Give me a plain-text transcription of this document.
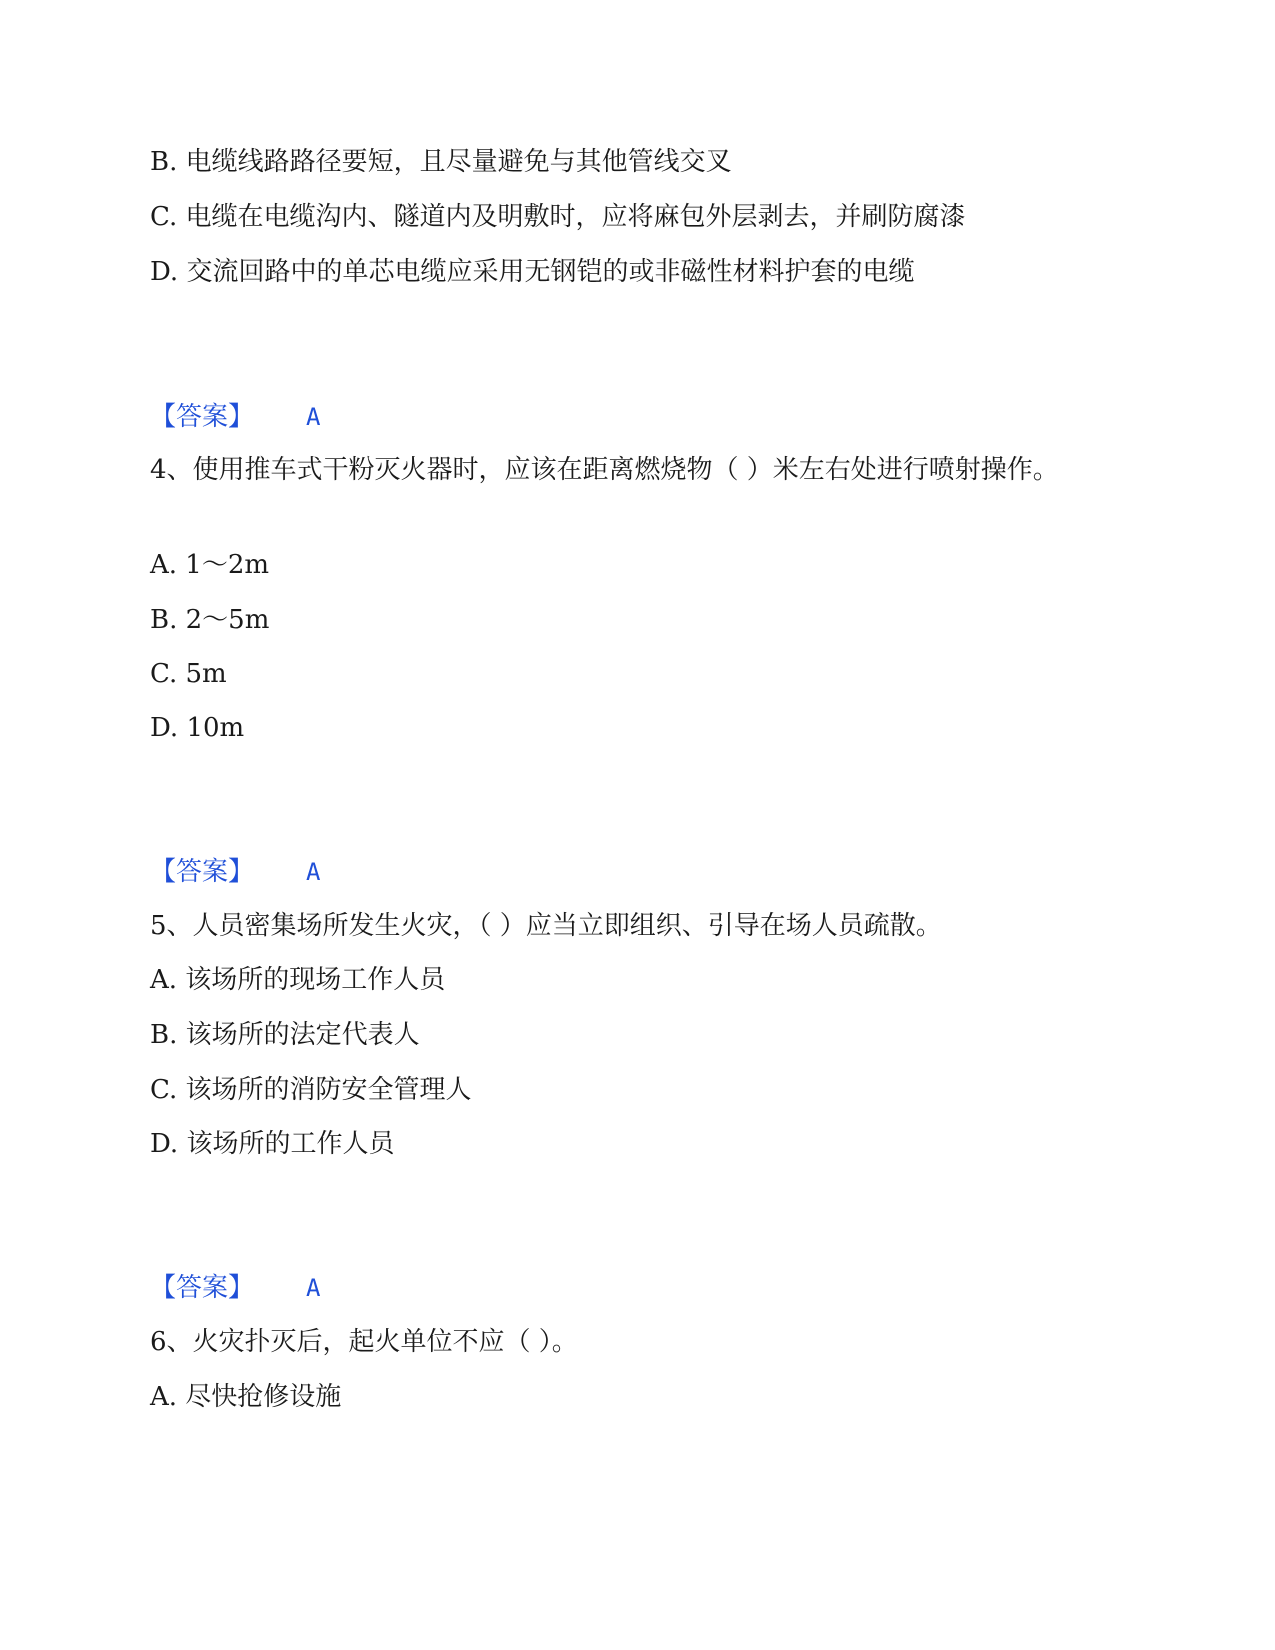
B. 电缆线路路径要短，且尽量避免与其他管线交叉
C. 电缆在电缆沟内、隧道内及明敷时，应将麻包外层剥去，并刷防腐漆
D. 交流回路中的单芯电缆应采用无钢铠的或非磁性材料护套的电缆
【答案】 A
4、使用推车式干粉灭火器时，应该在距离燃烧物（ ）米左右处进行喷射操作。
A. 1～2m
B. 2～5m
C. 5m
D. 10m
【答案】 A
5、人员密集场所发生火灾，（ ）应当立即组织、引导在场人员疏散。
A. 该场所的现场工作人员
B. 该场所的法定代表人
C. 该场所的消防安全管理人
D. 该场所的工作人员
【答案】 A
6、火灾扑灭后，起火单位不应（ ）。
A. 尽快抢修设施
